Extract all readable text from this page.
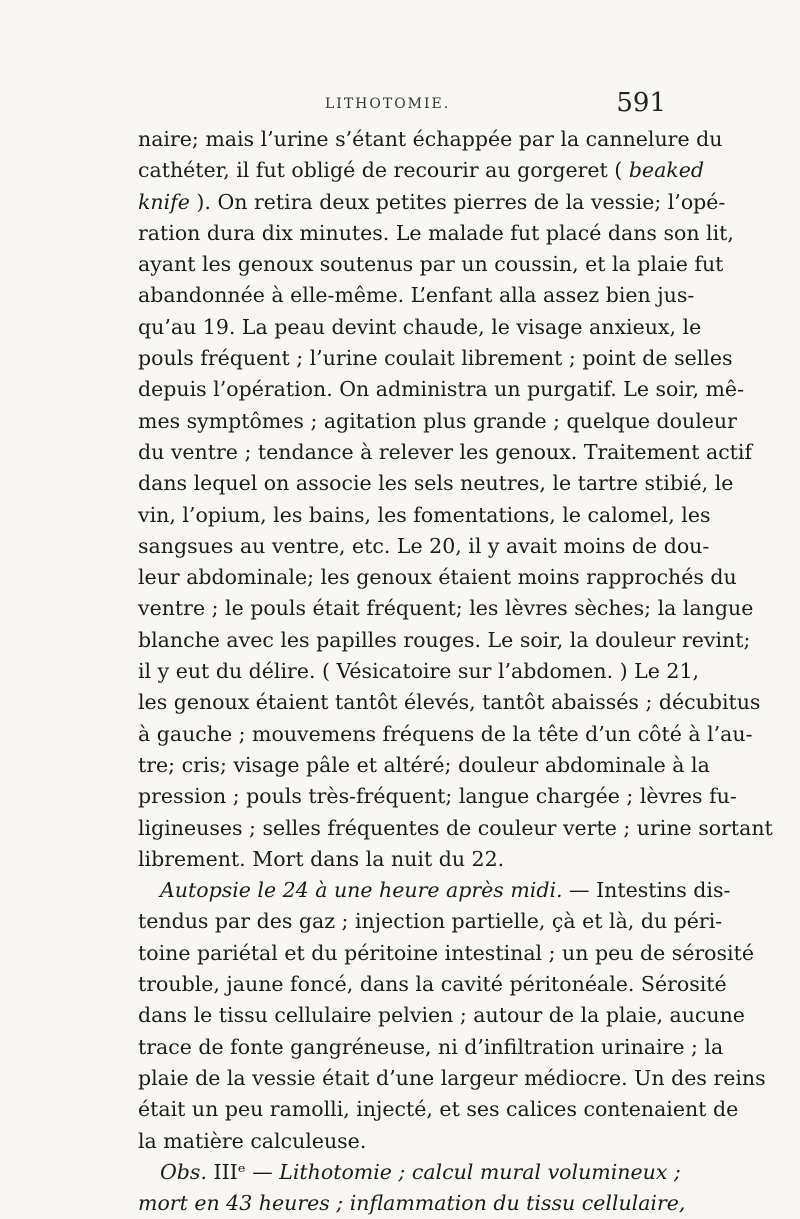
LITHOTOMIE.	591
naire; mais l’urine s’étant échappée par la cannelure du
cathéter, il fut obligé de recourir au gorgeret ( beaked
knife ). On retira deux petites pierres de la vessie; l’opé-
ration dura dix minutes. Le malade fut placé dans son lit,
ayant les genoux soutenus par un coussin, et la plaie fut
abandonnée à elle-même. L’enfant alla assez bien jus-
qu’au 19. La peau devint chaude, le visage anxieux, le
pouls fréquent ; l’urine coulait librement ; point de selles
depuis l’opération. On administra un purgatif. Le soir, mê-
mes symptômes ; agitation plus grande ; quelque douleur
du ventre ; tendance à relever les genoux. Traitement actif
dans lequel on associe les sels neutres, le tartre stibié, le
vin, l’opium, les bains, les fomentations, le calomel, les
sangsues au ventre, etc. Le 20, il y avait moins de dou-
leur abdominale; les genoux étaient moins rapprochés du
ventre ; le pouls était fréquent; les lèvres sèches; la langue
blanche avec les papilles rouges. Le soir, la douleur revint;
il y eut du délire. ( Vésicatoire sur l’abdomen. ) Le 21,
les genoux étaient tantôt élevés, tantôt abaissés ; décubitus
à gauche ; mouvemens fréquens de la tête d’un côté à l’au-
tre; cris; visage pâle et altéré; douleur abdominale à la
pression ; pouls très-fréquent; langue chargée ; lèvres fu-
ligineuses ; selles fréquentes de couleur verte ; urine sortant
librement. Mort dans la nuit du 22.
Autopsie le 24 à une heure après midi. — Intestins dis-
tendus par des gaz ; injection partielle, çà et là, du péri-
toine pariétal et du péritoine intestinal ; un peu de sérosité
trouble, jaune foncé, dans la cavité péritonéale. Sérosité
dans le tissu cellulaire pelvien ; autour de la plaie, aucune
trace de fonte gangréneuse, ni d’infiltration urinaire ; la
plaie de la vessie était d’une largeur médiocre. Un des reins
était un peu ramolli, injecté, et ses calices contenaient de
la matière calculeuse.
Obs. IIIᵉ — Lithotomie ; calcul mural volumineux ;
mort en 43 heures ; inflammation du tissu cellulaire,
